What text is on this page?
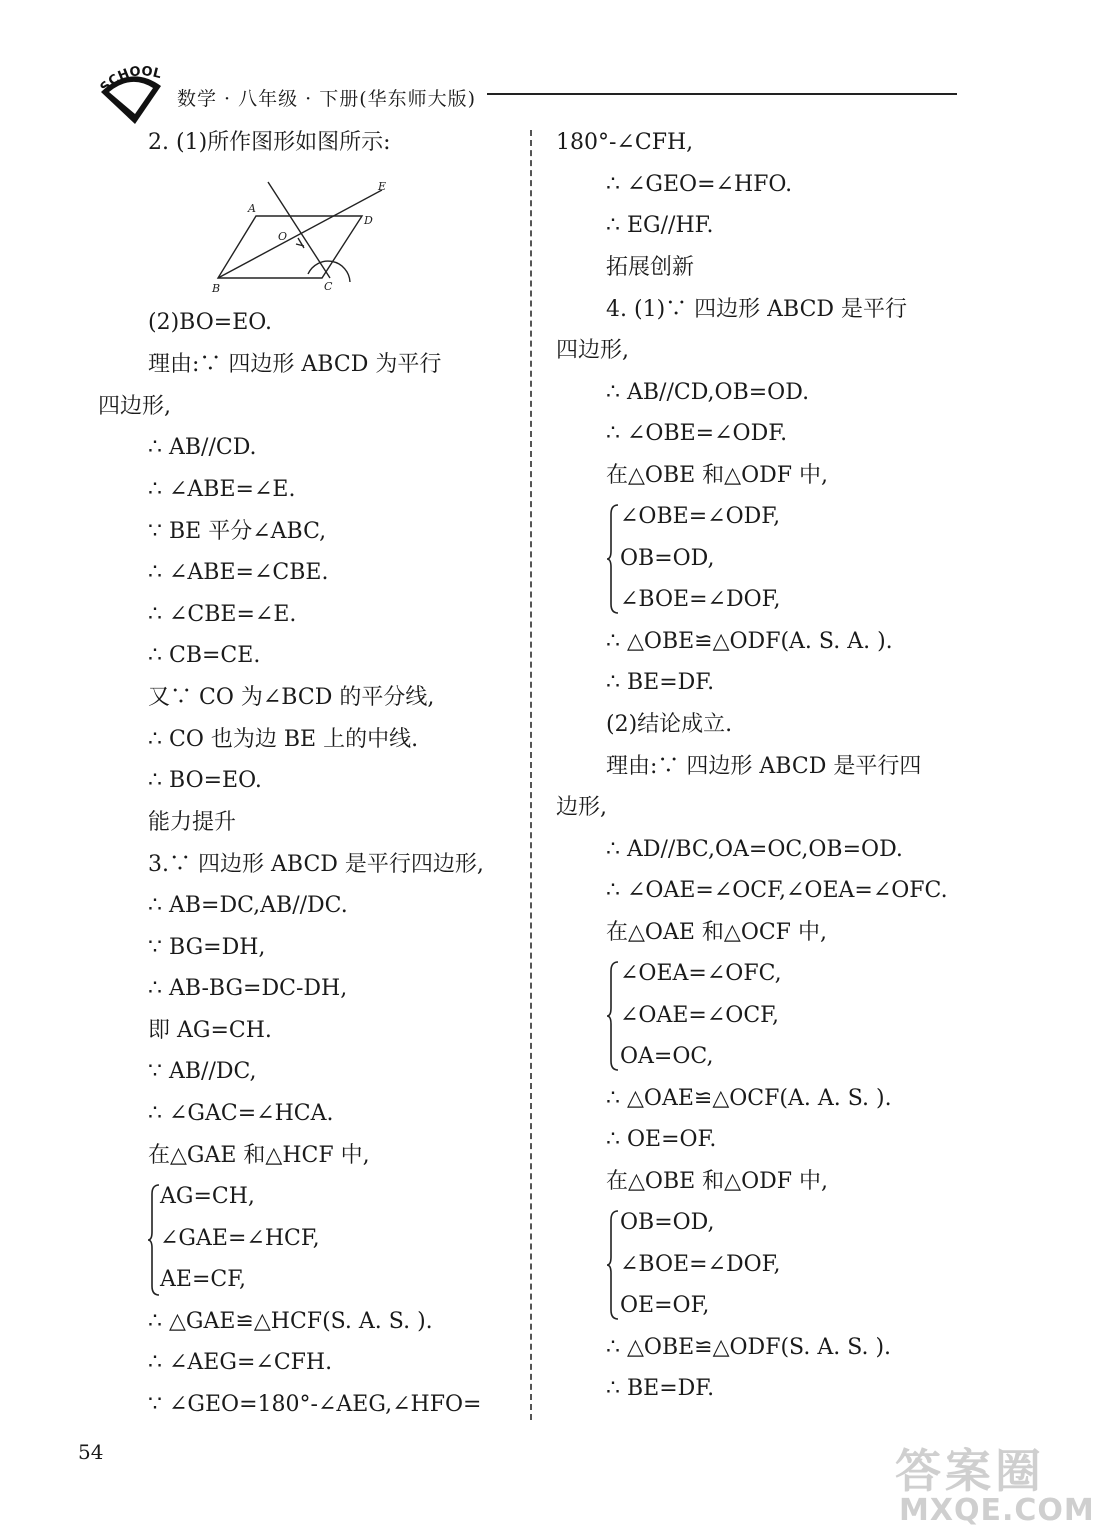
SCHOOL
数学 · 八年级 · 下册(华东师大版)
A
B	C
D
E
O
2. (1)所作图形如图所示:
(2)BO=EO.
理由:∵ 四边形 ABCD 为平行
四边形,
∴ AB//CD.
∴ ∠ABE=∠E.
∵ BE 平分∠ABC,
∴ ∠ABE=∠CBE.
∴ ∠CBE=∠E.
∴ CB=CE.
又∵ CO 为∠BCD 的平分线,
∴ CO 也为边 BE 上的中线.
∴ BO=EO.
能力提升
3.∵ 四边形 ABCD 是平行四边形,
∴ AB=DC,AB//DC.
∵ BG=DH,
∴ AB-BG=DC-DH,
即 AG=CH.
∵ AB//DC,
∴ ∠GAC=∠HCA.
在△GAE 和△HCF 中,
AG=CH,
∠GAE=∠HCF,
AE=CF,
∴ △GAE≌△HCF(S. A. S. ).
∴ ∠AEG=∠CFH.
∵ ∠GEO=180°-∠AEG,∠HFO=
180°-∠CFH,
∴ ∠GEO=∠HFO.
∴ EG//HF.
拓展创新
4. (1)∵ 四边形 ABCD 是平行
四边形,
∴ AB//CD,OB=OD.
∴ ∠OBE=∠ODF.
在△OBE 和△ODF 中,
∠OBE=∠ODF,
OB=OD,
∠BOE=∠DOF,
∴ △OBE≌△ODF(A. S. A. ).
∴ BE=DF.
(2)结论成立.
理由:∵ 四边形 ABCD 是平行四
边形,
∴ AD//BC,OA=OC,OB=OD.
∴ ∠OAE=∠OCF,∠OEA=∠OFC.
在△OAE 和△OCF 中,
∠OEA=∠OFC,
∠OAE=∠OCF,
OA=OC,
∴ △OAE≌△OCF(A. A. S. ).
∴ OE=OF.
在△OBE 和△ODF 中,
OB=OD,
∠BOE=∠DOF,
OE=OF,
∴ △OBE≌△ODF(S. A. S. ).
∴ BE=DF.
54	答案圈
MXQE.COM
